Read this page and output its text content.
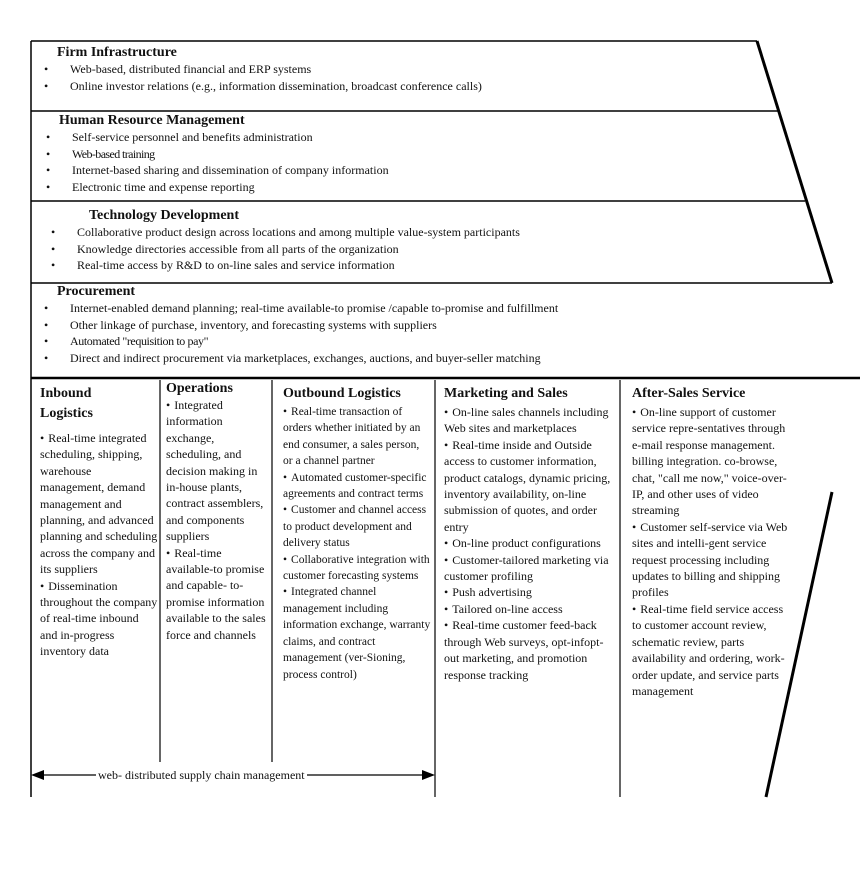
Firm Infrastructure
• Web-based, distributed financial and ERP systems
• Online investor relations (e.g., information dissemination, broadcast conference calls)
Human Resource Management
• Self-service personnel and benefits administration
• Web-based training
• Internet-based sharing and dissemination of company information
• Electronic time and expense reporting
Technology Development
• Collaborative product design across locations and among multiple value-system participants
• Knowledge directories accessible from all parts of the organization
• Real-time access by R&D to on-line sales and service information
Procurement
• Internet-enabled demand planning; real-time available-to promise /capable to-promise and fulfillment
• Other linkage of purchase, inventory, and forecasting systems with suppliers
• Automated "requisition to pay"
• Direct and indirect procurement via marketplaces, exchanges, auctions, and buyer-seller matching
Inbound Logistics
• Real-time integrated scheduling, shipping, warehouse management, demand management and planning, and advanced planning and scheduling across the company and its suppliers
• Dissemination throughout the company of real-time inbound and in-progress inventory data
Operations
• Integrated information exchange, scheduling, and decision making in in-house plants, contract assemblers, and components suppliers
• Real-time available-to promise and capable- to-promise information available to the sales force and channels
Outbound Logistics
• Real-time transaction of orders whether initiated by an end consumer, a sales person, or a channel partner
• Automated customer-specific agreements and contract terms
• Customer and channel access to product development and delivery status
• Collaborative integration with customer forecasting systems
• Integrated channel management including information exchange, warranty claims, and contract management (ver-Sioning, process control)
Marketing and Sales
• On-line sales channels including Web sites and marketplaces
• Real-time inside and Outside access to customer information, product catalogs, dynamic pricing, inventory availability, on-line submission of quotes, and order entry
• On-line product configurations
• Customer-tailored marketing via customer profiling
• Push advertising
• Tailored on-line access
• Real-time customer feed-back through Web surveys, opt-infopt-out marketing, and promotion response tracking
After-Sales Service
• On-line support of customer service repre-sentatives through e-mail response management. billing integration. co-browse, chat, "call me now," voice-over-IP, and other uses of video streaming
• Customer self-service via Web sites and intelli-gent service request processing including updates to billing and shipping profiles
• Real-time field service access to customer account review, schematic review, parts availability and ordering, work-order update, and service parts management
web- distributed supply chain management
